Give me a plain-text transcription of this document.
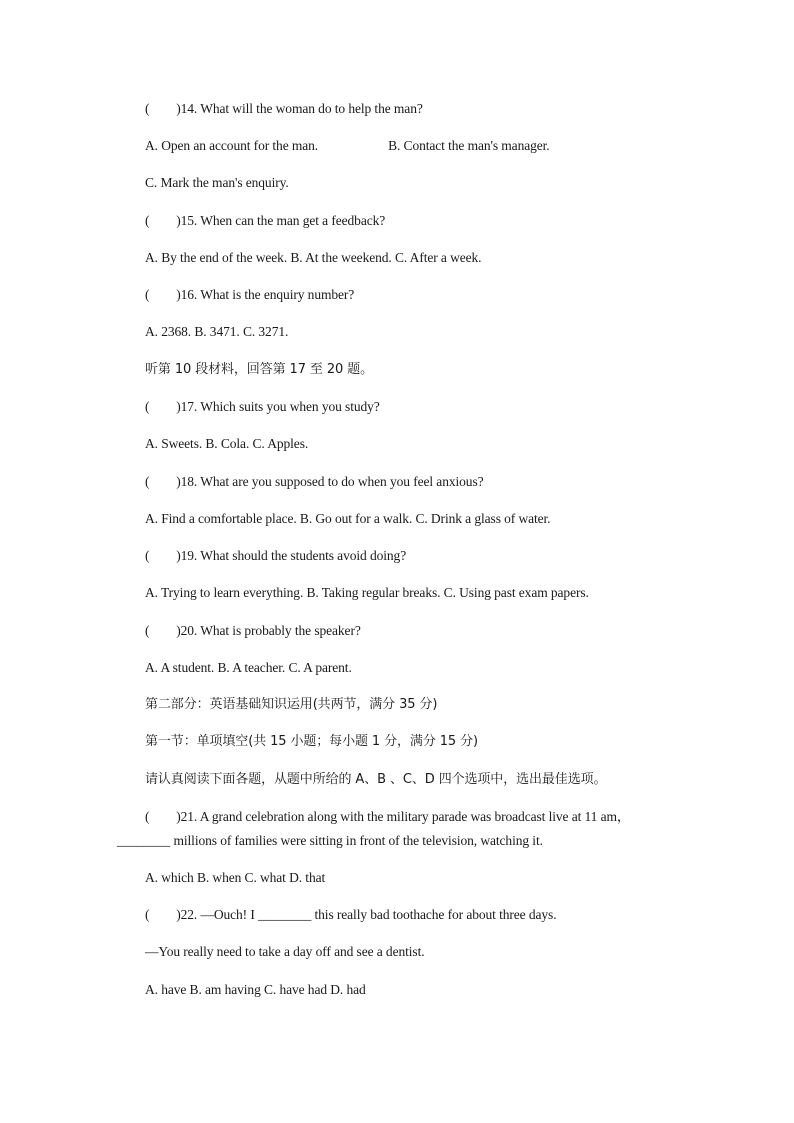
(　　)14. What will the woman do to help the man?
A. Open an account for the man.	B. Contact the man's manager.
C. Mark the man's enquiry.
(　　)15. When can the man get a feedback?
A. By the end of the week. B. At the weekend. C. After a week.
(　　)16. What is the enquiry number?
A. 2368. B. 3471. C. 3271.
听第 10 段材料，回答第 17 至 20 题。
(　　)17. Which suits you when you study?
A. Sweets. B. Cola. C. Apples.
(　　)18. What are you supposed to do when you feel anxious?
A. Find a comfortable place. B. Go out for a walk. C. Drink a glass of water.
(　　)19. What should the students avoid doing?
A. Trying to learn everything. B. Taking regular breaks. C. Using past exam papers.
(　　)20. What is probably the speaker?
A. A student. B. A teacher. C. A parent.
第二部分：英语基础知识运用(共两节，满分 35 分)
第一节：单项填空(共 15 小题；每小题 1 分，满分 15 分)
请认真阅读下面各题，从题中所给的 A、B 、C、D 四个选项中，选出最佳选项。
(　　)21. A grand celebration along with the military parade was broadcast live at 11 am，
________ millions of families were sitting in front of the television, watching it.
A. which B. when C. what D. that
(　　)22. —Ouch! I ________ this really bad toothache for about three days.
—You really need to take a day off and see a dentist.
A. have B. am having C. have had D. had
